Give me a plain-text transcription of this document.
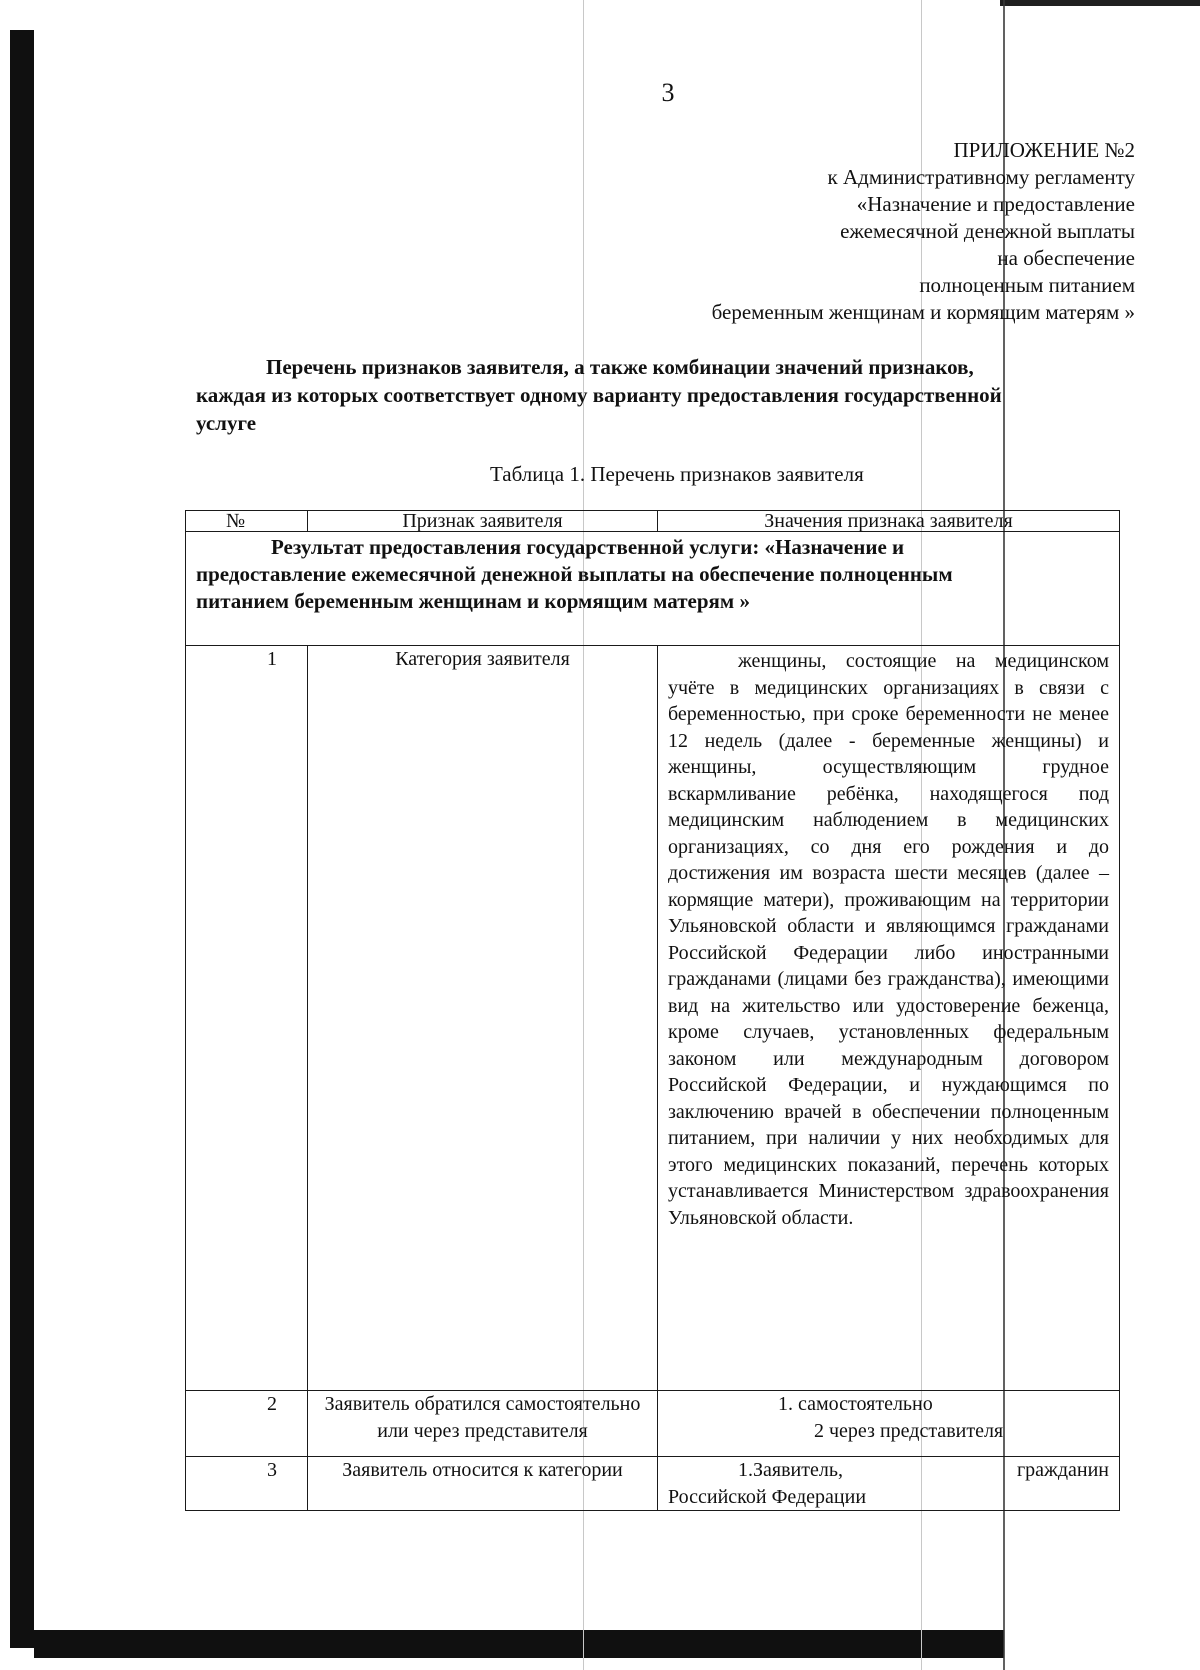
3
ПРИЛОЖЕНИЕ №2
к Административному регламенту
«Назначение и предоставление
ежемесячной денежной выплаты
на обеспечение
полноценным питанием
беременным женщинам и кормящим матерям »
Перечень признаков заявителя, а также комбинации значений признаков,
каждая из которых соответствует одному варианту предоставления государственной
услуге
Таблица 1. Перечень признаков заявителя
№	Признак заявителя	Значения признака заявителя

Результат предоставления государственной услуги: «Назначение и
предоставление ежемесячной денежной выплаты на обеспечение полноценным
питанием беременным женщинам и кормящим матерям »		

1	Категория заявителя	женщины, состоящие на медицинском учёте в медицинских организациях в связи с беременностью, при сроке беременности не менее 12 недель (далее - беременные женщины) и женщины, осуществляющим грудное вскармливание ребёнка, находящегося под медицинским наблюдением в медицинских организациях, со дня его рождения и до достижения им возраста шести месяцев (далее – кормящие матери), проживающим на территории Ульяновской области и являющимся гражданами Российской Федерации либо иностранными гражданами (лицами без гражданства), имеющими вид на жительство или удостоверение беженца, кроме случаев, установленных федеральным законом или международным договором Российской Федерации, и нуждающимся по заключению врачей в обеспечении полноценным питанием, при наличии у них необходимых для этого медицинских показаний, перечень которых устанавливается Министерством здравоохранения Ульяновской области.

2	Заявитель обратился самостоятельно или через представителя	1. самостоятельно
2 через представителя

3	Заявитель относится к категории	1.Заявитель, гражданин
Российской Федерации
